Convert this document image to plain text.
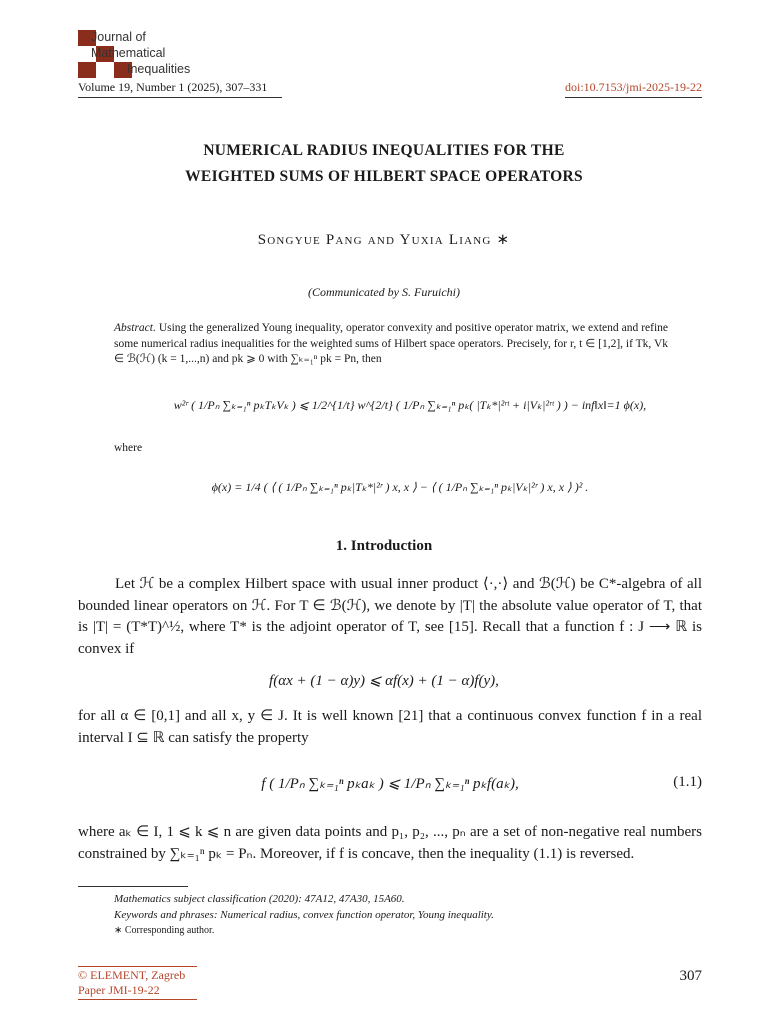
Journal of
Mathematical
Inequalities
Volume 19, Number 1 (2025), 307–331	doi:10.7153/jmi-2025-19-22
NUMERICAL RADIUS INEQUALITIES FOR THE
WEIGHTED SUMS OF HILBERT SPACE OPERATORS
Songyue Pang and Yuxia Liang ∗
(Communicated by S. Furuichi)
Abstract. Using the generalized Young inequality, operator convexity and positive operator matrix, we extend and refine some numerical radius inequalities for the weighted sums of Hilbert space operators. Precisely, for r, t ∈ [1,2], if Tk, Vk ∈ ℬ(ℋ) (k = 1,...,n) and pk ⩾ 0 with ∑ₖ₌₁ⁿ pk = Pn, then
w²ʳ ( 1/Pₙ ∑ₖ₌₁ⁿ pₖTₖVₖ ) ⩽ 1/2^{1/t} w^{2/t} ( 1/Pₙ ∑ₖ₌₁ⁿ pₖ( |Tₖ*|²ʳᵗ + i|Vₖ|²ʳᵗ ) ) − inf‖x‖=1 ϕ(x),
where
ϕ(x) = 1/4 ( ⟨ ( 1/Pₙ ∑ₖ₌₁ⁿ pₖ|Tₖ*|²ʳ ) x, x ⟩ − ⟨ ( 1/Pₙ ∑ₖ₌₁ⁿ pₖ|Vₖ|²ʳ ) x, x ⟩ )² .
1. Introduction
Let ℋ be a complex Hilbert space with usual inner product ⟨·,·⟩ and ℬ(ℋ) be C*-algebra of all bounded linear operators on ℋ. For T ∈ ℬ(ℋ), we denote by |T| the absolute value operator of T, that is |T| = (T*T)^½, where T* is the adjoint operator of T, see [15]. Recall that a function f : J ⟶ ℝ is convex if
f(αx + (1 − α)y) ⩽ αf(x) + (1 − α)f(y),
for all α ∈ [0,1] and all x, y ∈ J. It is well known [21] that a continuous convex function f in a real interval I ⊆ ℝ can satisfy the property
f ( 1/Pₙ ∑ₖ₌₁ⁿ pₖaₖ ) ⩽ 1/Pₙ ∑ₖ₌₁ⁿ pₖf(aₖ),	(1.1)
where aₖ ∈ I, 1 ⩽ k ⩽ n are given data points and p₁, p₂, ..., pₙ are a set of non-negative real numbers constrained by ∑ₖ₌₁ⁿ pₖ = Pₙ. Moreover, if f is concave, then the inequality (1.1) is reversed.
Mathematics subject classification (2020): 47A12, 47A30, 15A60.
Keywords and phrases: Numerical radius, convex function operator, Young inequality.
∗ Corresponding author.
© ELEMENT, Zagreb
Paper JMI-19-22
307
